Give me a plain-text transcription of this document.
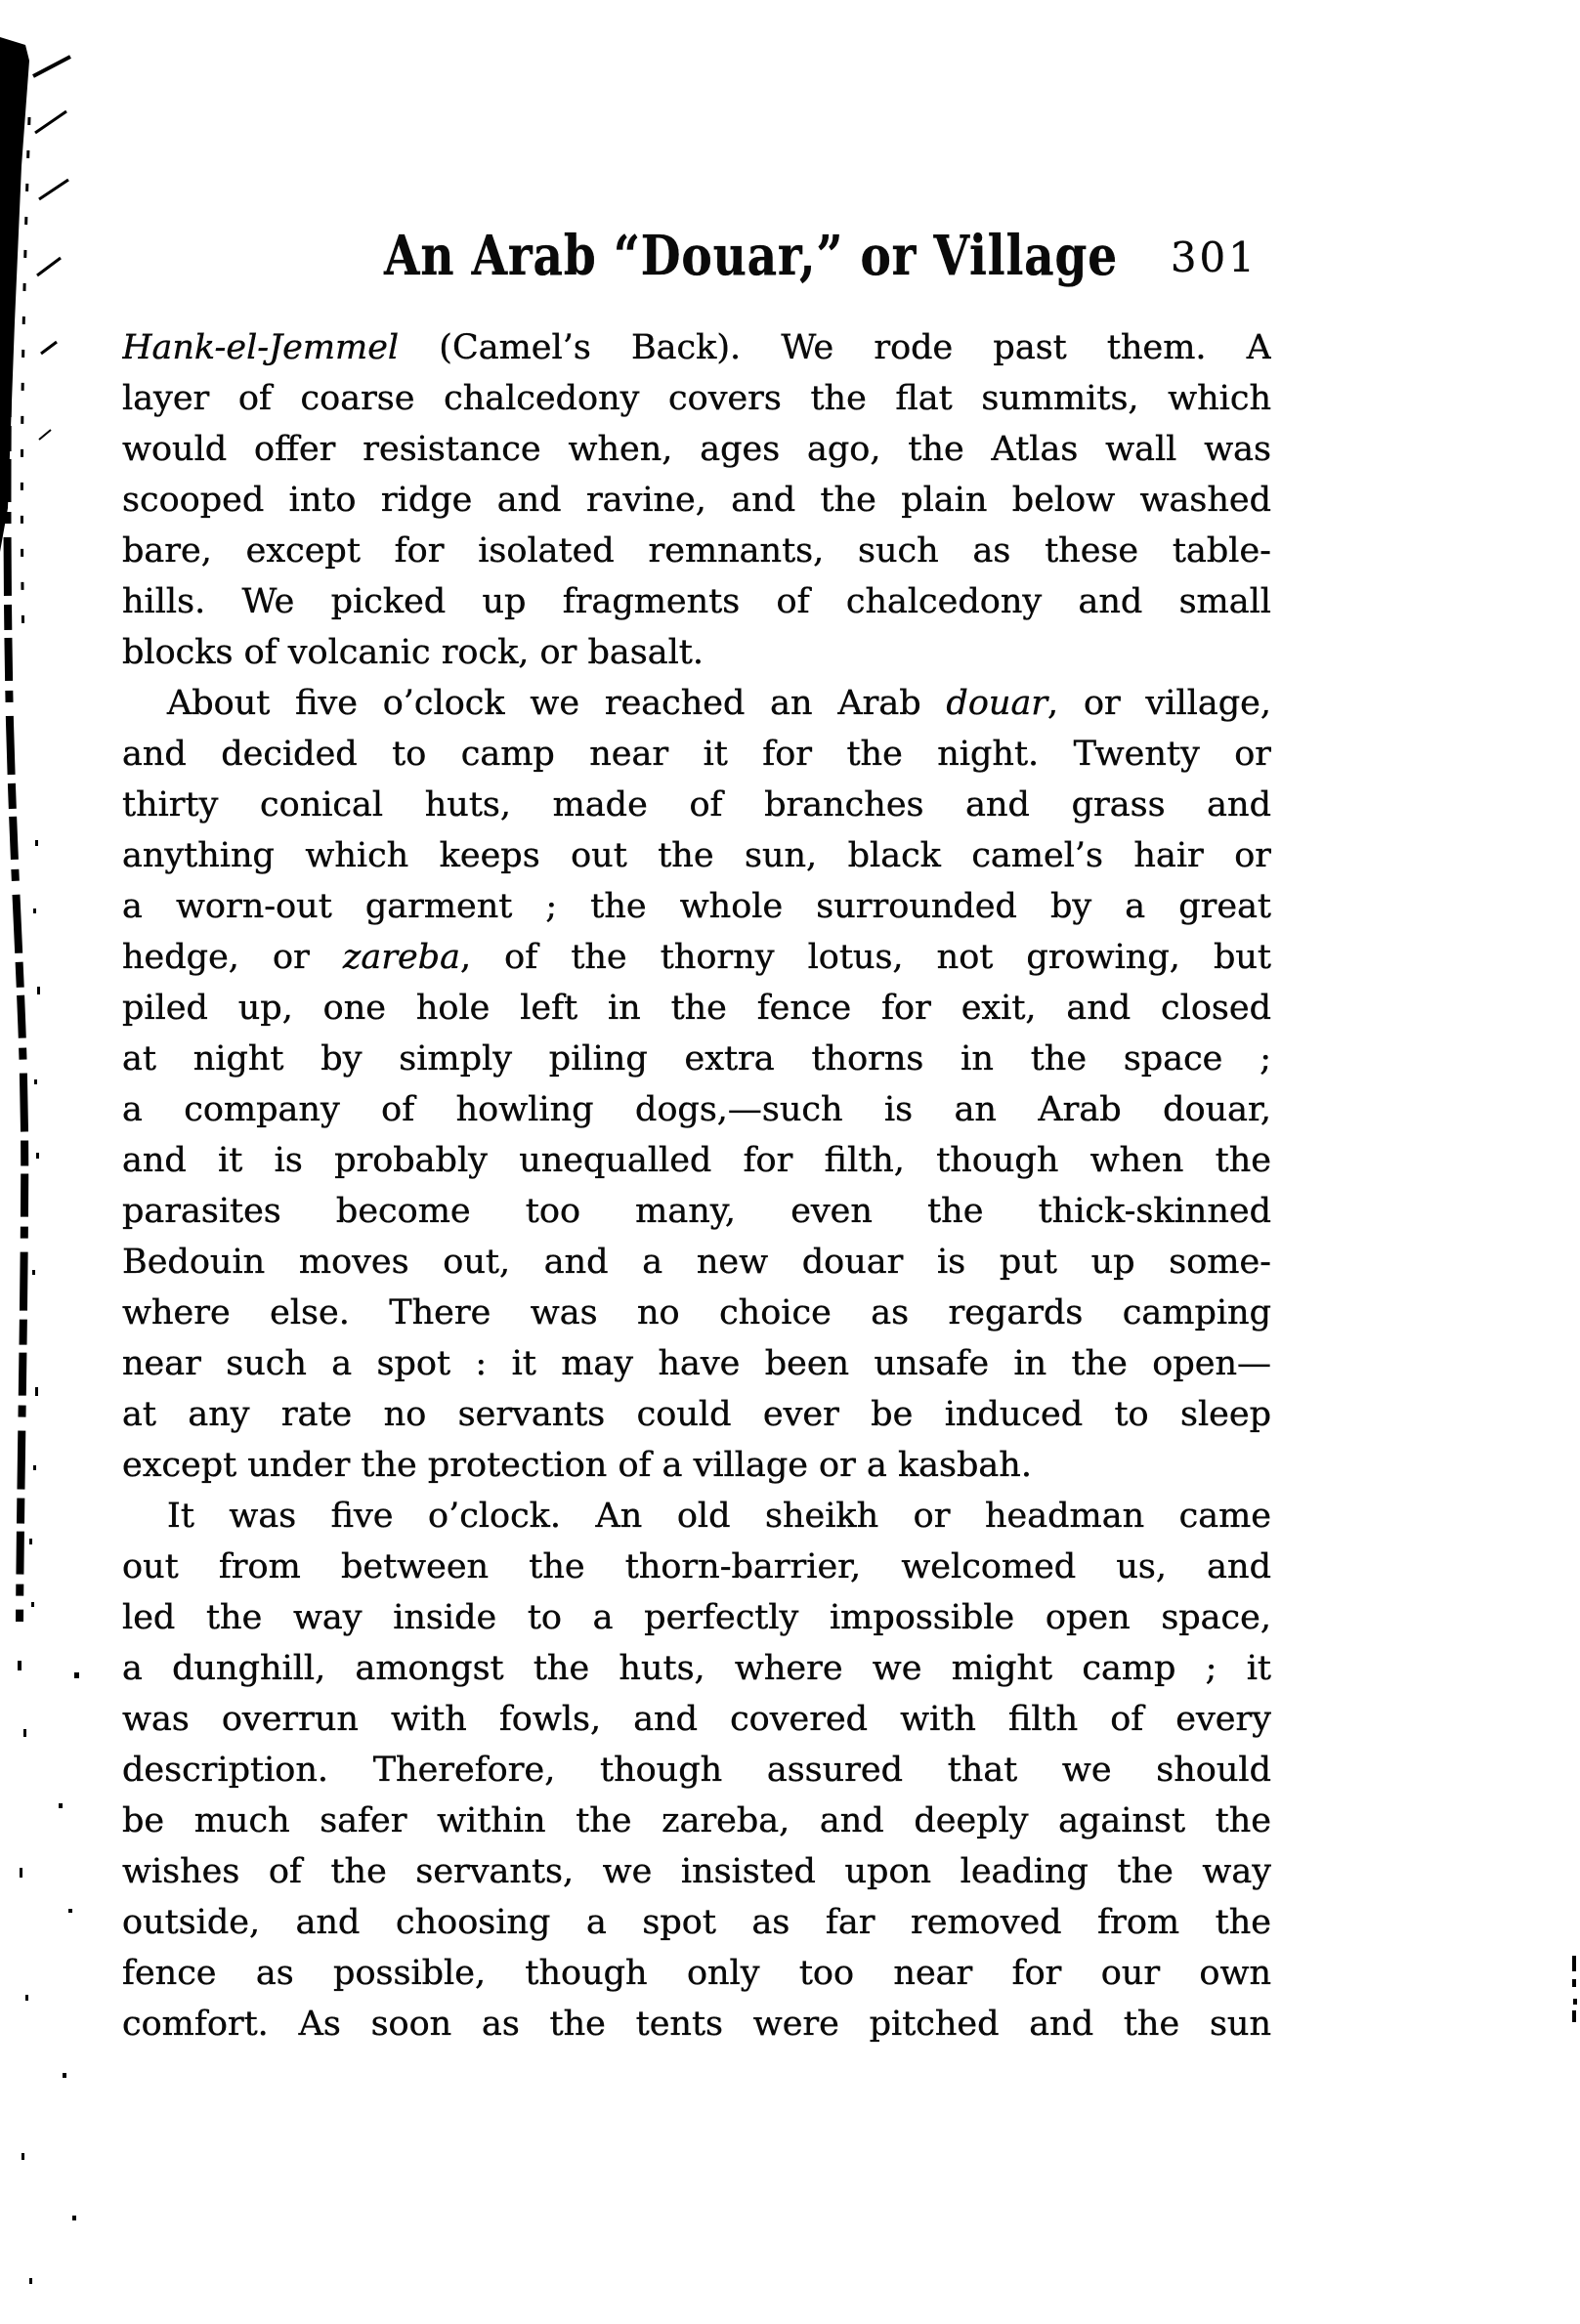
An Arab “Douar,” or Village 301
Hank-el-Jemmel (Camel’s Back). We rode past them. A
layer of coarse chalcedony covers the flat summits, which
would offer resistance when, ages ago, the Atlas wall was
scooped into ridge and ravine, and the plain below washed
bare, except for isolated remnants, such as these table-
hills. We picked up fragments of chalcedony and small
blocks of volcanic rock, or basalt.
About five o’clock we reached an Arab douar, or village,
and decided to camp near it for the night. Twenty or
thirty conical huts, made of branches and grass and
anything which keeps out the sun, black camel’s hair or
a worn-out garment ; the whole surrounded by a great
hedge, or zareba, of the thorny lotus, not growing, but
piled up, one hole left in the fence for exit, and closed
at night by simply piling extra thorns in the space ;
a company of howling dogs,—such is an Arab douar,
and it is probably unequalled for filth, though when the
parasites become too many, even the thick-skinned
Bedouin moves out, and a new douar is put up some-
where else. There was no choice as regards camping
near such a spot : it may have been unsafe in the open—
at any rate no servants could ever be induced to sleep
except under the protection of a village or a kasbah.
It was five o’clock. An old sheikh or headman came
out from between the thorn-barrier, welcomed us, and
led the way inside to a perfectly impossible open space,
a dunghill, amongst the huts, where we might camp ; it
was overrun with fowls, and covered with filth of every
description. Therefore, though assured that we should
be much safer within the zareba, and deeply against the
wishes of the servants, we insisted upon leading the way
outside, and choosing a spot as far removed from the
fence as possible, though only too near for our own
comfort. As soon as the tents were pitched and the sun
